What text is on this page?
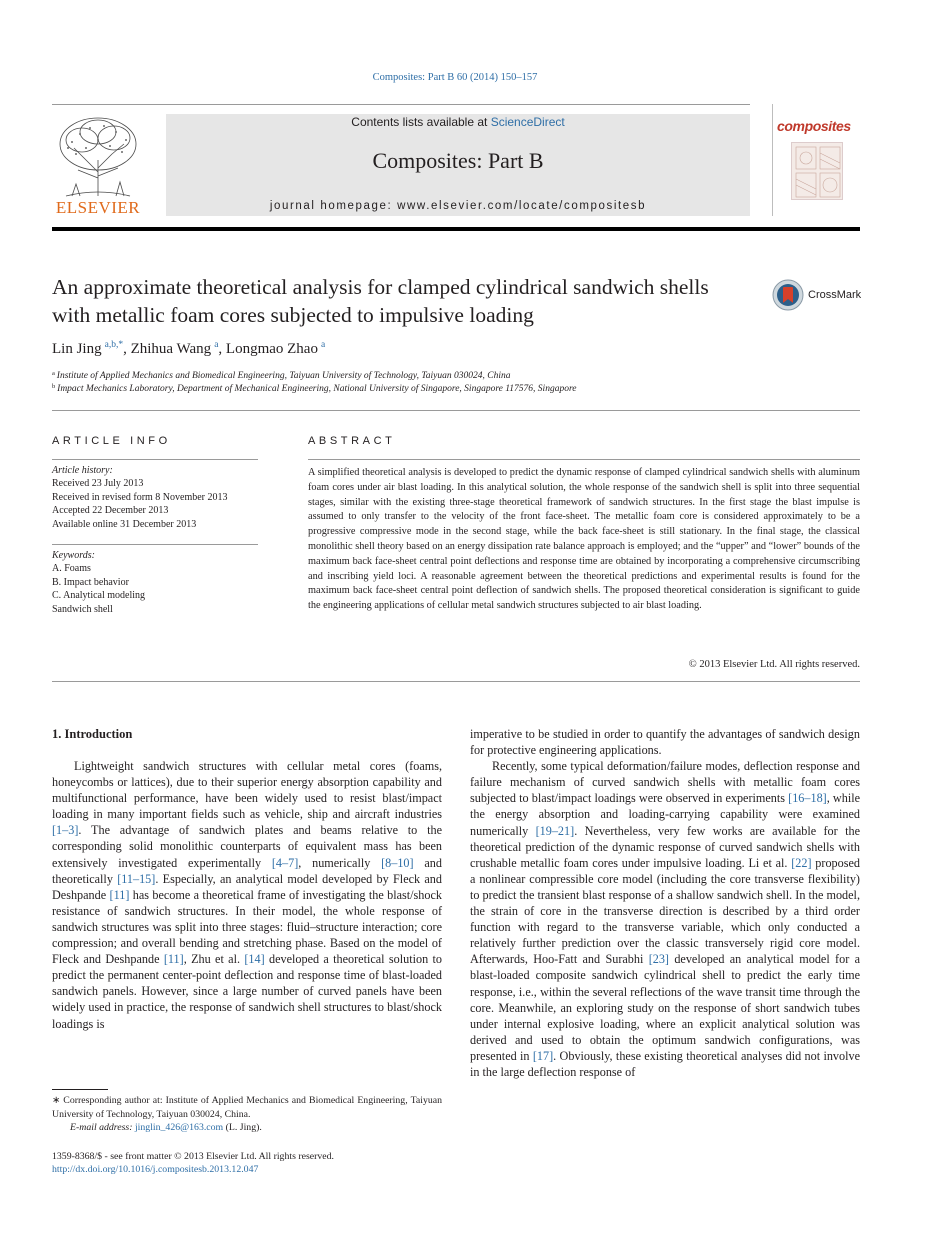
Composites: Part B 60 (2014) 150–157
ELSEVIER
Contents lists available at ScienceDirect
Composites: Part B
journal homepage: www.elsevier.com/locate/compositesb
composites
An approximate theoretical analysis for clamped cylindrical sandwich shells with metallic foam cores subjected to impulsive loading
CrossMark
Lin Jing  $^{a,b,*}$, Zhihua Wang  $^a$, Longmao Zhao  $^a$
$^a$  Institute of Applied Mechanics and Biomedical Engineering, Taiyuan University of Technology, Taiyuan 030024, China
$^b$  Impact Mechanics Laboratory, Department of Mechanical Engineering, National University of Singapore, Singapore 117576, Singapore
ARTICLE INFO
Article history:
Received 23 July 2013
Received in revised form 8 November 2013
Accepted 22 December 2013
Available online 31 December 2013
Keywords:
A. Foams
B. Impact behavior
C. Analytical modeling
Sandwich shell
ABSTRACT
A simplified theoretical analysis is developed to predict the dynamic response of clamped cylindrical sandwich shells with aluminum foam cores under air blast loading. In this analytical solution, the whole response of the sandwich shell is split into three sequential stages, similar with the existing three-stage theoretical framework of sandwich structures. In the first stage the blast impulse is assumed to only transfer to the velocity of the front face-sheet. The metallic foam core is considered approximately to be a progressive compressive mode in the second stage, while the back face-sheet is still stationary. In the final stage, the classical monolithic shell theory based on an energy dissipation rate balance approach is employed; and the “upper” and “lower” bounds of the maximum back face-sheet central point deflections and response time are obtained by incorporating a comprehensive circumscribing and inscribing yield loci. A reasonable agreement between the theoretical predictions and experimental results is found for the maximum back face-sheet central point deflection of sandwich shells. The proposed theoretical consideration is significant to guide the engineering applications of cellular metal sandwich structures subjected to air blast loading.
© 2013 Elsevier Ltd. All rights reserved.
1. Introduction

Lightweight sandwich structures with cellular metal cores (foams, honeycombs or lattices), due to their superior energy absorption capability and multifunctional performance, have been widely used to resist blast/impact loading in many important fields such as vehicle, ship and aircraft industries [1–3]. The advantage of sandwich plates and beams relative to the corresponding solid monolithic counterparts of equivalent mass has been extensively investigated experimentally [4–7], numerically [8–10] and theoretically [11–15]. Especially, an analytical model developed by Fleck and Deshpande [11] has become a theoretical frame of investigating the blast/shock resistance of sandwich structures. In their model, the whole response of sandwich structures was split into three stages: fluid–structure interaction; core compression; and overall bending and stretching phase. Based on the model of Fleck and Deshpande [11], Zhu et al. [14] developed a theoretical solution to predict the permanent center-point deflection and response time of blast-loaded sandwich panels. However, since a large number of curved panels have been widely used in practice, the response of sandwich shell structures to blast/shock loadings is

imperative to be studied in order to quantify the advantages of sandwich design for protective engineering applications.

Recently, some typical deformation/failure modes, deflection response and failure mechanism of curved sandwich shells with metallic foam cores subjected to blast/impact loadings were observed in experiments [16–18], while the energy absorption and loading-carrying capability were examined numerically [19–21]. Nevertheless, very few works are available for the theoretical prediction of the dynamic response of curved sandwich shells with crushable metallic foam cores under impulsive loading. Li et al. [22] proposed a nonlinear compressible core model (including the core transverse flexibility) to predict the transient blast response of a shallow sandwich shell. In the model, the strain of core in the transverse direction is described by a third order function with regard to the transverse variable, which only conducted a relatively further prediction over the classic transversely rigid core model. Afterwards, Hoo-Fatt and Surabhi [23] developed an analytical model for a blast-loaded composite sandwich cylindrical shell to predict the early time response, i.e., within the several reflections of the wave transit time through the core. Meanwhile, an exploring study on the response of short sandwich tubes under internal explosive loading, where an explicit analytical solution was derived and used to obtain the optimum sandwich configurations, was presented in [17]. Obviously, these existing theoretical analyses did not involve in the large deflection response of

∗ Corresponding author at: Institute of Applied Mechanics and Biomedical Engineering, Taiyuan University of Technology, Taiyuan 030024, China.
E-mail address: jinglin_426@163.com (L. Jing).
1359-8368/$ - see front matter © 2013 Elsevier Ltd. All rights reserved.
http://dx.doi.org/10.1016/j.compositesb.2013.12.047
